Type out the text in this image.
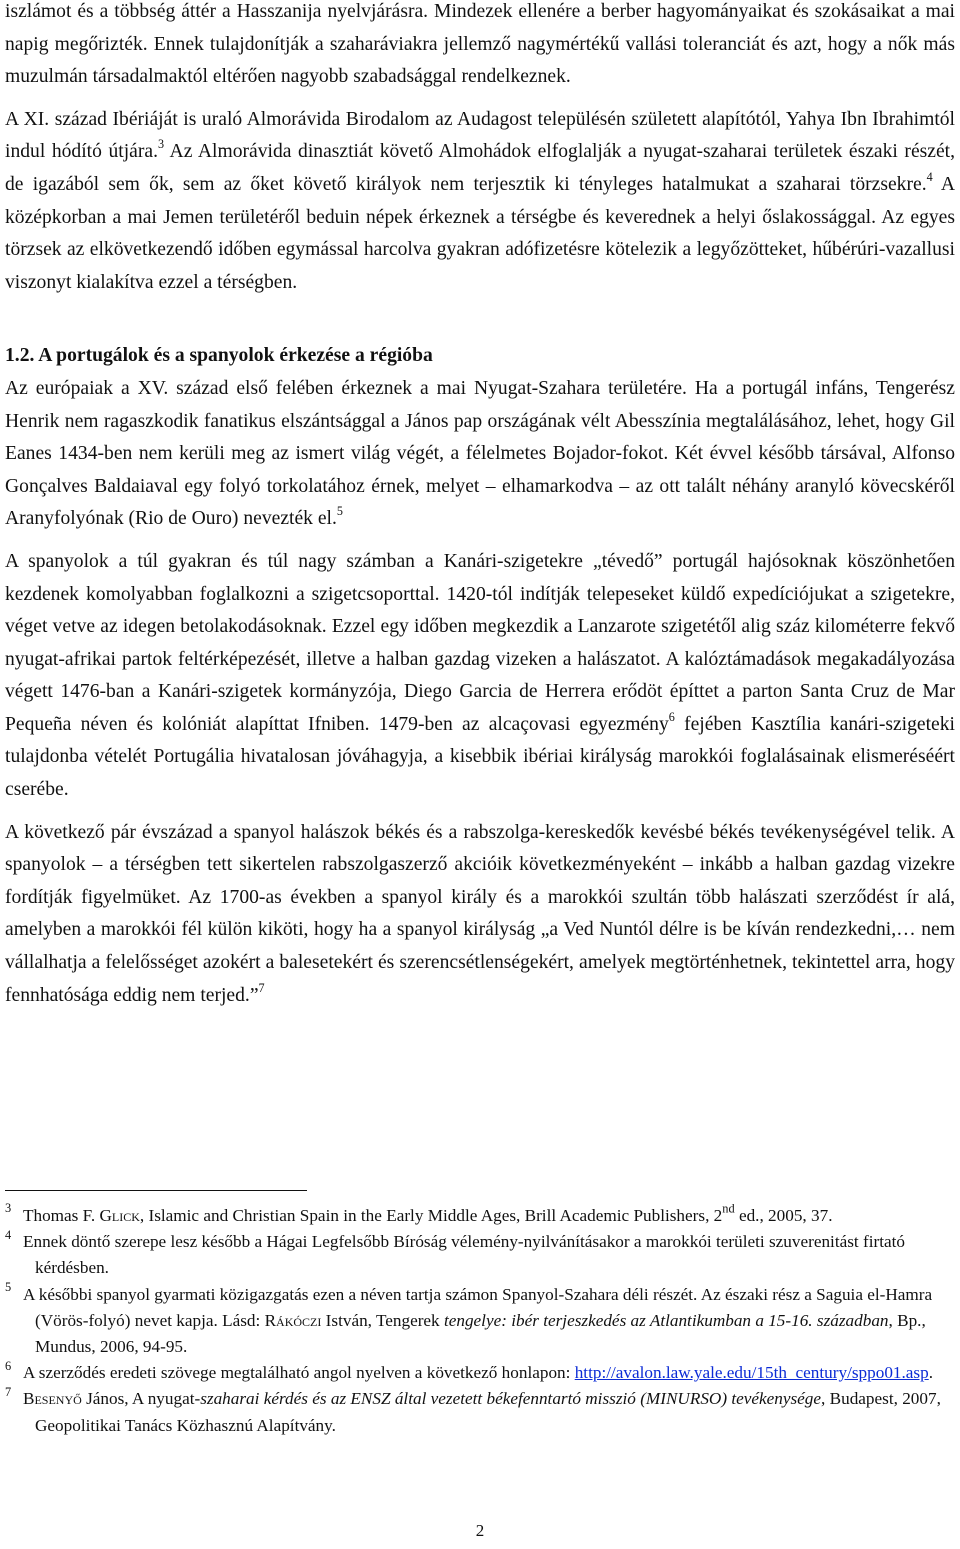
iszlámot és a többség áttér a Hasszanija nyelvjárásra. Mindezek ellenére a berber hagyományaikat és szokásaikat a mai napig megőrizték. Ennek tulajdonítják a szaharáviakra jellemző nagymértékű vallási toleranciát és azt, hogy a nők más muzulmán társadalmaktól eltérően nagyobb szabadsággal rendelkeznek.

A XI. század Ibériáját is uraló Almorávida Birodalom az Audagost településén született alapítótól, Yahya Ibn Ibrahimtól indul hódító útjára.$^3$ Az Almorávida dinasztiát követő Almohádok elfoglalják a nyugat-szaharai területek északi részét, de igazából sem ők, sem az őket követő királyok nem terjesztik ki tényleges hatalmukat a szaharai törzsekre.$^4$ A középkorban a mai Jemen területéről beduin népek érkeznek a térségbe és keverednek a helyi őslakossággal. Az egyes törzsek az elkövetkezendő időben egymással harcolva gyakran adófizetésre kötelezik a legyőzötteket, hűbérúri-vazallusi viszonyt kialakítva ezzel a térségben.

1.2. A portugálok és a spanyolok érkezése a régióba

Az európaiak a XV. század első felében érkeznek a mai Nyugat-Szahara területére. Ha a portugál infáns, Tengerész Henrik nem ragaszkodik fanatikus elszántsággal a János pap országának vélt Abesszínia megtalálásához, lehet, hogy Gil Eanes 1434-ben nem kerüli meg az ismert világ végét, a félelmetes Bojador-fokot. Két évvel később társával, Alfonso Gonçalves Baldaiaval egy folyó torkolatához érnek, melyet – elhamarkodva – az ott talált néhány aranyló kövecskéről Aranyfolyónak (Rio de Ouro) nevezték el.$^5$

A spanyolok a túl gyakran és túl nagy számban a Kanári-szigetekre „tévedő” portugál hajósoknak köszönhetően kezdenek komolyabban foglalkozni a szigetcsoporttal. 1420-tól indítják telepeseket küldő expedíciójukat a szigetekre, véget vetve az idegen betolakodásoknak. Ezzel egy időben megkezdik a Lanzarote szigetétől alig száz kilométerre fekvő nyugat-afrikai partok feltérképezését, illetve a halban gazdag vizeken a halászatot. A kalóztámadások megakadályozása végett 1476-ban a Kanári-szigetek kormányzója, Diego Garcia de Herrera erődöt építtet a parton Santa Cruz de Mar Pequeña néven és kolóniát alapíttat Ifniben. 1479-ben az alcaçovasi egyezmény$^6$ fejében Kasztília kanári-szigeteki tulajdonba vételét Portugália hivatalosan jóváhagyja, a kisebbik ibériai királyság marokkói foglalásainak elismeréséért cserébe.

A következő pár évszázad a spanyol halászok békés és a rabszolga-kereskedők kevésbé békés tevékenységével telik. A spanyolok – a térségben tett sikertelen rabszolgaszerző akcióik következményeként – inkább a halban gazdag vizekre fordítják figyelmüket. Az 1700-as években a spanyol király és a marokkói szultán több halászati szerződést ír alá, amelyben a marokkói fél külön kiköti, hogy ha a spanyol királyság „a Ved Nuntól délre is be kíván rendezkedni,… nem vállalhatja a felelősséget azokért a balesetekért és szerencsétlenségekért, amelyek megtörténhetnek, tekintettel arra, hogy fennhatósága eddig nem terjed.”$^7$

$^3$ Thomas F. Glick, Islamic and Christian Spain in the Early Middle Ages, Brill Academic Publishers, 2nd ed., 2005, 37.

$^4$ Ennek döntő szerepe lesz később a Hágai Legfelsőbb Bíróság vélemény-nyilvánításakor a marokkói területi szuverenitást firtató kérdésben.

$^5$ A későbbi spanyol gyarmati közigazgatás ezen a néven tartja számon Spanyol-Szahara déli részét. Az északi rész a Saguia el-Hamra (Vörös-folyó) nevet kapja. Lásd: Rákóczi István, Tengerek tengelye: ibér terjeszkedés az Atlantikumban a 15-16. században, Bp., Mundus, 2006, 94-95.

$^6$ A szerződés eredeti szövege megtalálható angol nyelven a következő honlapon: http://avalon.law.yale.edu/15th_century/sppo01.asp.

$^7$ Besenyő János, A nyugat-szaharai kérdés és az ENSZ által vezetett békefenntartó misszió (MINURSO) tevékenysége, Budapest, 2007, Geopolitikai Tanács Közhasznú Alapítvány.

2
